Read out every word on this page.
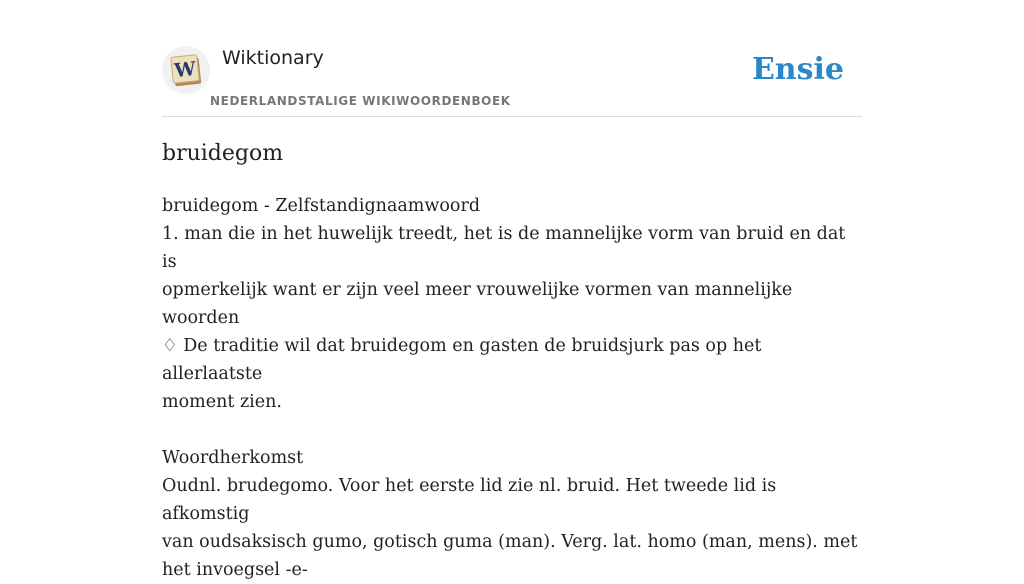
W Wiktionary
NEDERLANDSTALIGE WIKIWOORDENBOEK
Ensie
bruidegom
bruidegom - Zelfstandignaamwoord
1. man die in het huwelijk treedt, het is de mannelijke vorm van bruid en dat is
opmerkelijk want er zijn veel meer vrouwelijke vormen van mannelijke woorden
♢ De traditie wil dat bruidegom en gasten de bruidsjurk pas op het allerlaatste
moment zien.
Woordherkomst
Oudnl. brudegomo. Voor het eerste lid zie nl. bruid. Het tweede lid is afkomstig
van oudsaksisch gumo, gotisch guma (man). Verg. lat. homo (man, mens). met
het invoegsel -e-
